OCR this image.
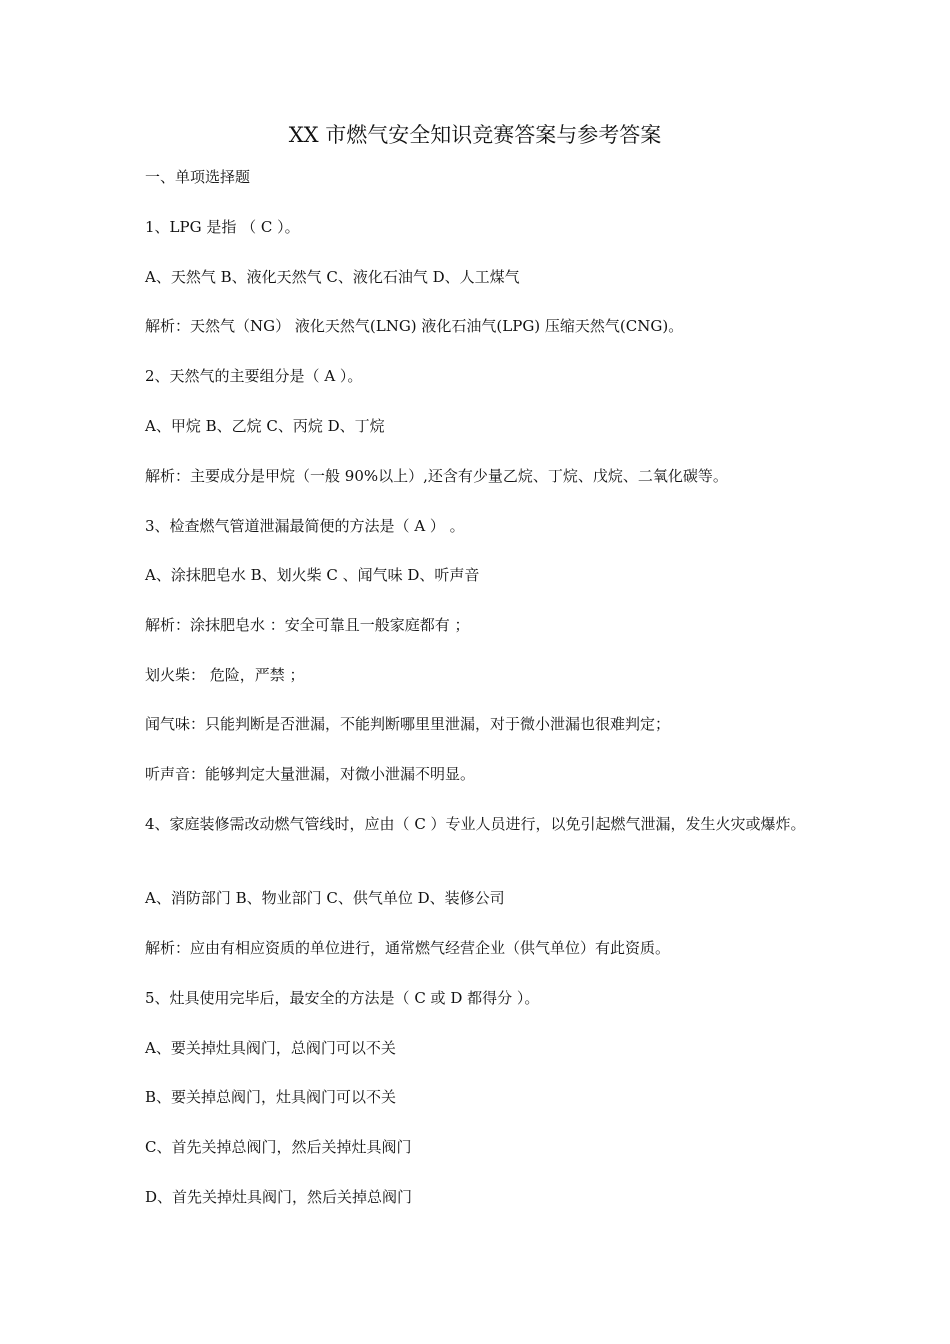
XX 市燃气安全知识竞赛答案与参考答案
一、单项选择题
1、LPG 是指 （ C ）。
A、天然气 B、液化天然气 C、液化石油气 D、人工煤气
解析：天然气（NG） 液化天然气(LNG) 液化石油气(LPG) 压缩天然气(CNG)。
2、天然气的主要组分是（ A ）。
A、甲烷 B、乙烷 C、丙烷 D、丁烷
解析：主要成分是甲烷（一般 90%以上）,还含有少量乙烷、丁烷、戊烷、二氧化碳等。
3、检查燃气管道泄漏最简便的方法是（ A ） 。
A、涂抹肥皂水 B、划火柴 C 、闻气味 D、听声音
解析：涂抹肥皂水 ：安全可靠且一般家庭都有 ；
划火柴： 危险，严禁 ；
闻气味：只能判断是否泄漏，不能判断哪里里泄漏，对于微小泄漏也很难判定；
听声音：能够判定大量泄漏，对微小泄漏不明显。
4、家庭装修需改动燃气管线时，应由（ C ）专业人员进行，以免引起燃气泄漏，发生火灾或爆炸。
A、消防部门 B、物业部门 C、供气单位 D、装修公司
解析：应由有相应资质的单位进行，通常燃气经营企业（供气单位）有此资质。
5、灶具使用完毕后，最安全的方法是（ C 或 D 都得分 ）。
A、要关掉灶具阀门，总阀门可以不关
B、要关掉总阀门，灶具阀门可以不关
C、首先关掉总阀门，然后关掉灶具阀门
D、首先关掉灶具阀门，然后关掉总阀门
